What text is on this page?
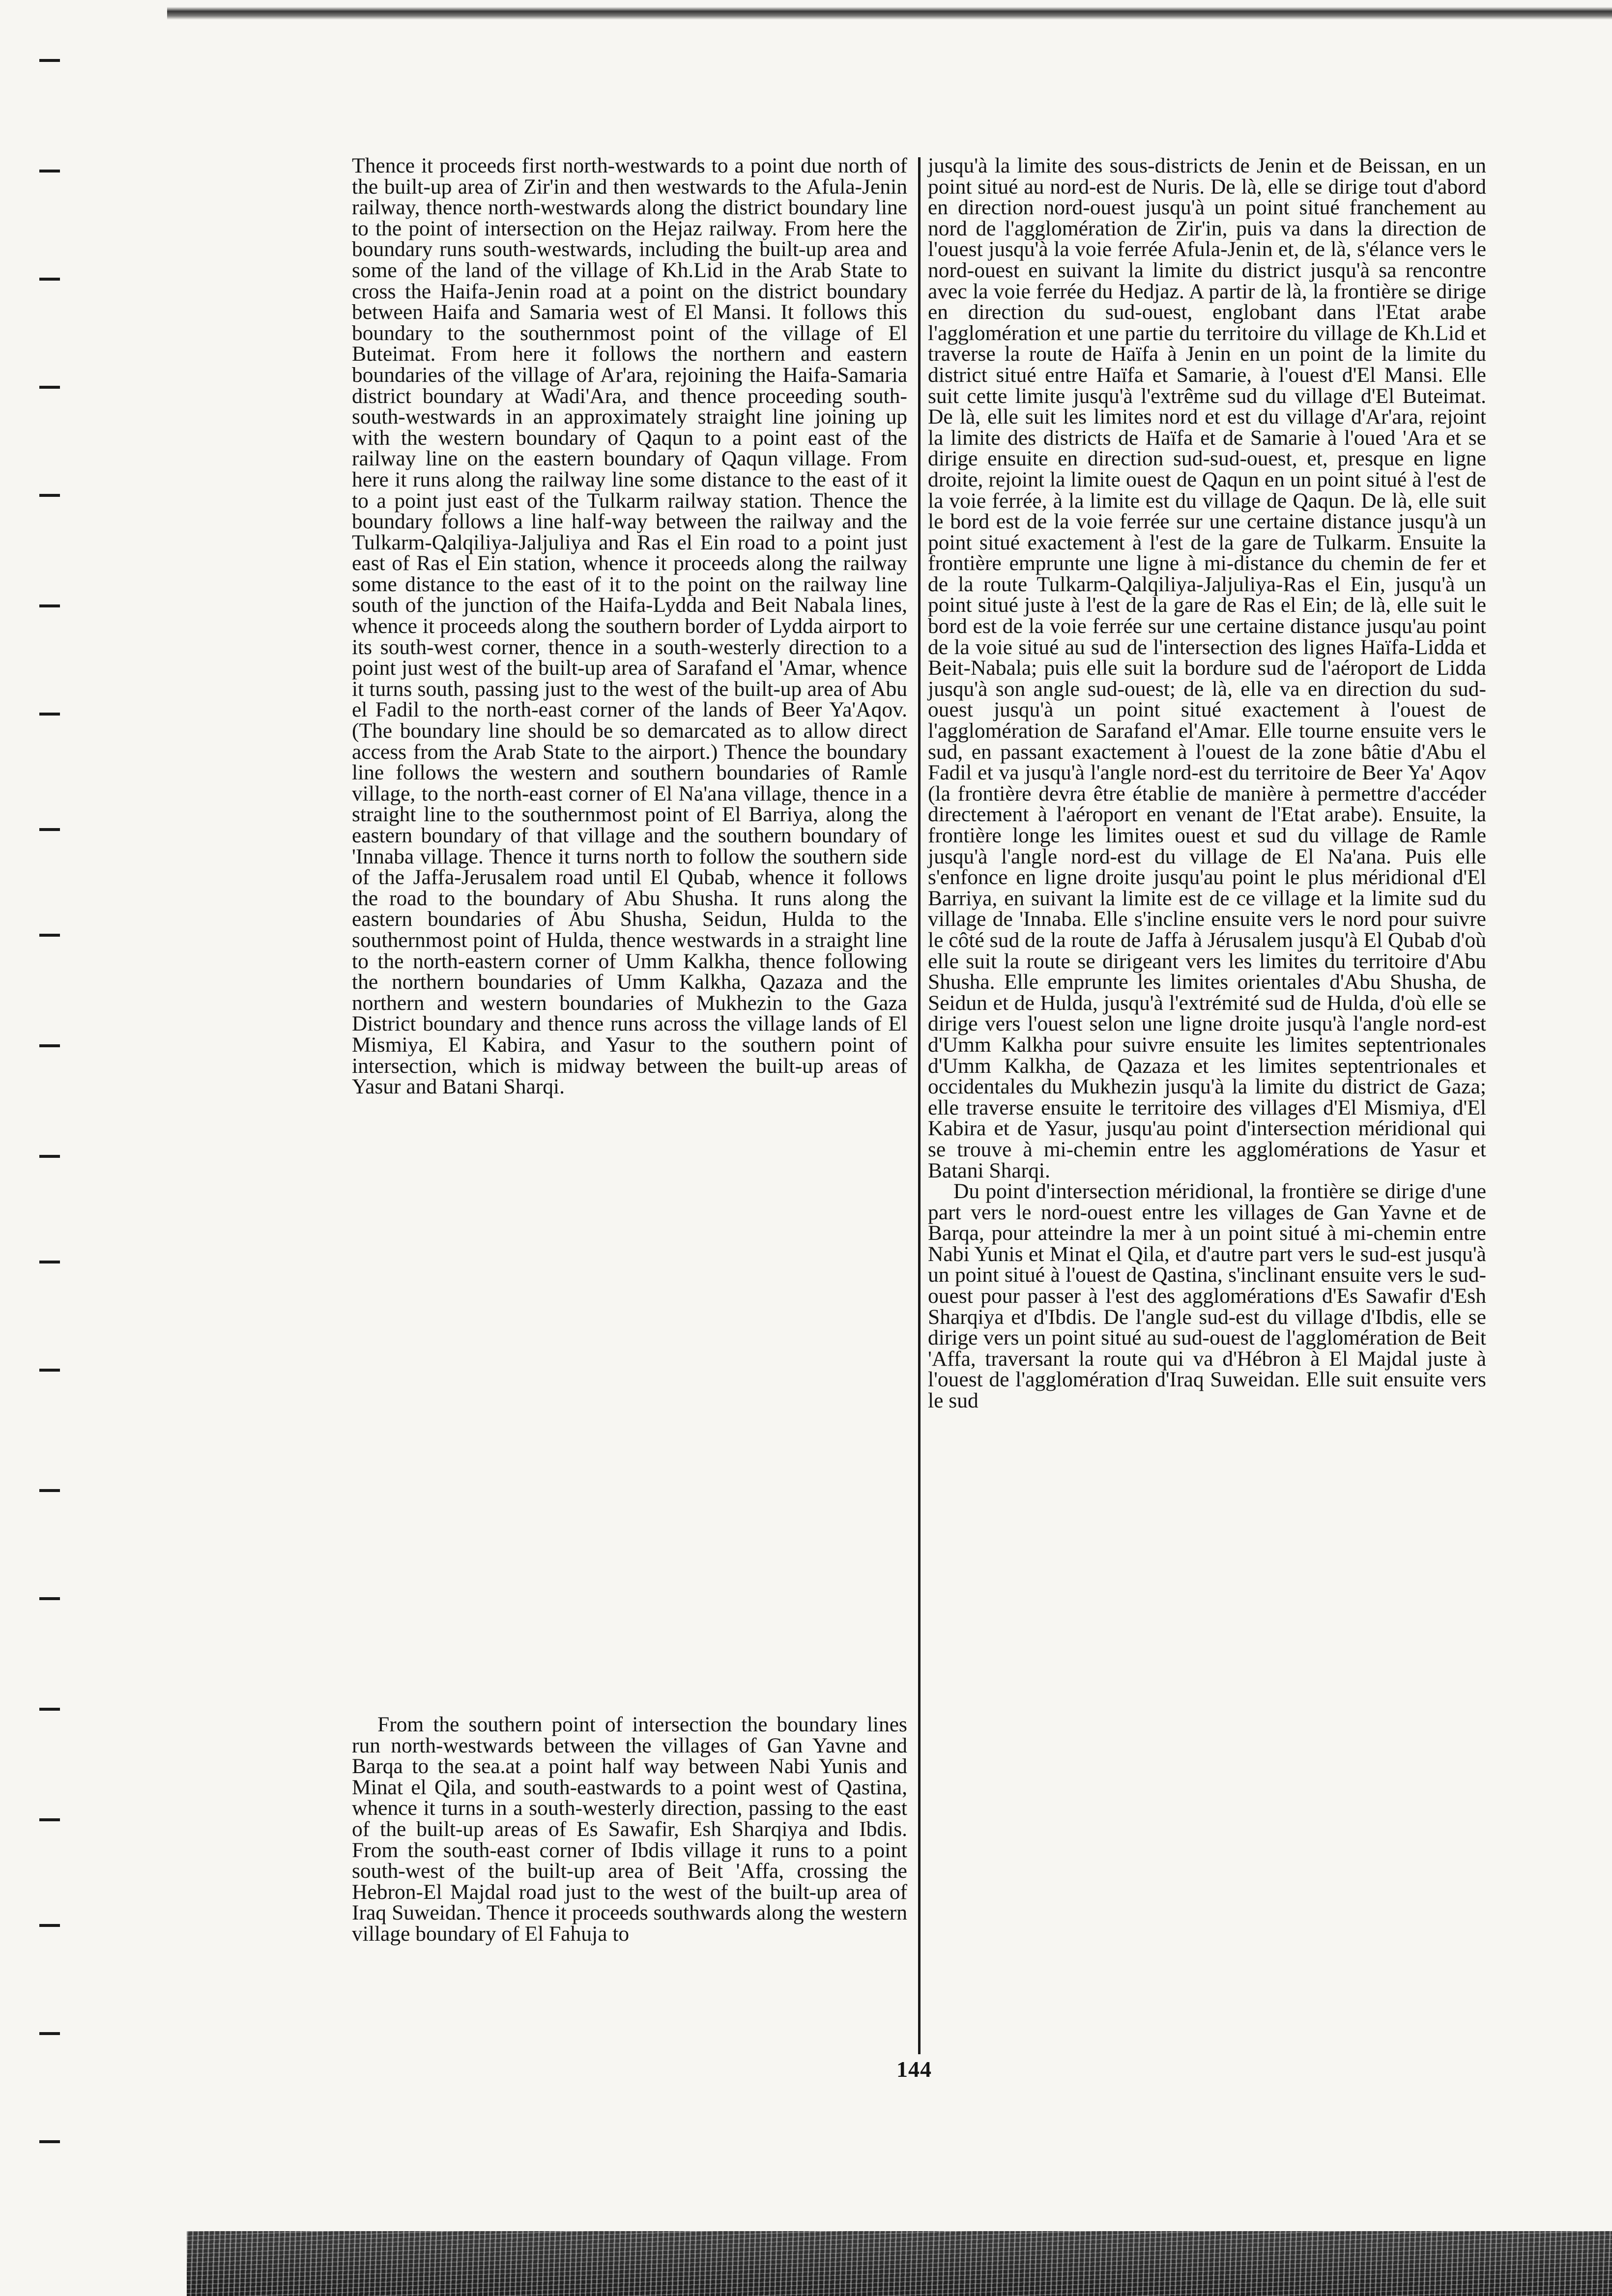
Thence it proceeds first north-westwards to a point due north of the built-up area of Zir'in and then westwards to the Afula-Jenin railway, thence north-westwards along the district boundary line to the point of intersection on the Hejaz railway. From here the boundary runs south-westwards, including the built-up area and some of the land of the village of Kh.Lid in the Arab State to cross the Haifa-Jenin road at a point on the district boundary between Haifa and Samaria west of El Mansi. It follows this boundary to the southernmost point of the village of El Buteimat. From here it follows the northern and eastern boundaries of the village of Ar'ara, rejoining the Haifa-Samaria district boundary at Wadi'Ara, and thence proceeding south-south-westwards in an approximately straight line joining up with the western boundary of Qaqun to a point east of the railway line on the eastern boundary of Qaqun village. From here it runs along the railway line some distance to the east of it to a point just east of the Tulkarm railway station. Thence the boundary follows a line half-way between the railway and the Tulkarm-Qalqiliya-Jaljuliya and Ras el Ein road to a point just east of Ras el Ein station, whence it proceeds along the railway some distance to the east of it to the point on the railway line south of the junction of the Haifa-Lydda and Beit Nabala lines, whence it proceeds along the southern border of Lydda airport to its south-west corner, thence in a south-westerly direction to a point just west of the built-up area of Sarafand el 'Amar, whence it turns south, passing just to the west of the built-up area of Abu el Fadil to the north-east corner of the lands of Beer Ya'Aqov. (The boundary line should be so demarcated as to allow direct access from the Arab State to the airport.) Thence the boundary line follows the western and southern boundaries of Ramle village, to the north-east corner of El Na'ana village, thence in a straight line to the southernmost point of El Barriya, along the eastern boundary of that village and the southern boundary of 'Innaba village. Thence it turns north to follow the southern side of the Jaffa-Jerusalem road until El Qubab, whence it follows the road to the boundary of Abu Shusha. It runs along the eastern boundaries of Abu Shusha, Seidun, Hulda to the southernmost point of Hulda, thence westwards in a straight line to the north-eastern corner of Umm Kalkha, thence following the northern boundaries of Umm Kalkha, Qazaza and the northern and western boundaries of Mukhezin to the Gaza District boundary and thence runs across the village lands of El Mismiya, El Kabira, and Yasur to the southern point of intersection, which is midway between the built-up areas of Yasur and Batani Sharqi.

From the southern point of intersection the boundary lines run north-westwards between the villages of Gan Yavne and Barqa to the sea.at a point half way between Nabi Yunis and Minat el Qila, and south-eastwards to a point west of Qastina, whence it turns in a south-westerly direction, passing to the east of the built-up areas of Es Sawafir, Esh Sharqiya and Ibdis. From the south-east corner of Ibdis village it runs to a point south-west of the built-up area of Beit 'Affa, crossing the Hebron-El Majdal road just to the west of the built-up area of Iraq Suweidan. Thence it proceeds southwards along the western village boundary of El Fahuja to

jusqu'à la limite des sous-districts de Jenin et de Beissan, en un point situé au nord-est de Nuris. De là, elle se dirige tout d'abord en direction nord-ouest jusqu'à un point situé franchement au nord de l'agglomération de Zir'in, puis va dans la direction de l'ouest jusqu'à la voie ferrée Afula-Jenin et, de là, s'élance vers le nord-ouest en suivant la limite du district jusqu'à sa rencontre avec la voie ferrée du Hedjaz. A partir de là, la frontière se dirige en direction du sud-ouest, englobant dans l'Etat arabe l'agglomération et une partie du territoire du village de Kh.Lid et traverse la route de Haïfa à Jenin en un point de la limite du district situé entre Haïfa et Samarie, à l'ouest d'El Mansi. Elle suit cette limite jusqu'à l'extrême sud du village d'El Buteimat. De là, elle suit les limites nord et est du village d'Ar'ara, rejoint la limite des districts de Haïfa et de Samarie à l'oued 'Ara et se dirige ensuite en direction sud-sud-ouest, et, presque en ligne droite, rejoint la limite ouest de Qaqun en un point situé à l'est de la voie ferrée, à la limite est du village de Qaqun. De là, elle suit le bord est de la voie ferrée sur une certaine distance jusqu'à un point situé exactement à l'est de la gare de Tulkarm. Ensuite la frontière emprunte une ligne à mi-distance du chemin de fer et de la route Tulkarm-Qalqiliya-Jaljuliya-Ras el Ein, jusqu'à un point situé juste à l'est de la gare de Ras el Ein; de là, elle suit le bord est de la voie ferrée sur une certaine distance jusqu'au point de la voie situé au sud de l'intersection des lignes Haïfa-Lidda et Beit-Nabala; puis elle suit la bordure sud de l'aéroport de Lidda jusqu'à son angle sud-ouest; de là, elle va en direction du sud-ouest jusqu'à un point situé exactement à l'ouest de l'agglomération de Sarafand el'Amar. Elle tourne ensuite vers le sud, en passant exactement à l'ouest de la zone bâtie d'Abu el Fadil et va jusqu'à l'angle nord-est du territoire de Beer Ya' Aqov (la frontière devra être établie de manière à permettre d'accéder directement à l'aéroport en venant de l'Etat arabe). Ensuite, la frontière longe les limites ouest et sud du village de Ramle jusqu'à l'angle nord-est du village de El Na'ana. Puis elle s'enfonce en ligne droite jusqu'au point le plus méridional d'El Barriya, en suivant la limite est de ce village et la limite sud du village de 'Innaba. Elle s'incline ensuite vers le nord pour suivre le côté sud de la route de Jaffa à Jérusalem jusqu'à El Qubab d'où elle suit la route se dirigeant vers les limites du territoire d'Abu Shusha. Elle emprunte les limites orientales d'Abu Shusha, de Seidun et de Hulda, jusqu'à l'extrémité sud de Hulda, d'où elle se dirige vers l'ouest selon une ligne droite jusqu'à l'angle nord-est d'Umm Kalkha pour suivre ensuite les limites septentrionales d'Umm Kalkha, de Qazaza et les limites septentrionales et occidentales du Mukhezin jusqu'à la limite du district de Gaza; elle traverse ensuite le territoire des villages d'El Mismiya, d'El Kabira et de Yasur, jusqu'au point d'intersection méridional qui se trouve à mi-chemin entre les agglomérations de Yasur et Batani Sharqi.

Du point d'intersection méridional, la frontière se dirige d'une part vers le nord-ouest entre les villages de Gan Yavne et de Barqa, pour atteindre la mer à un point situé à mi-chemin entre Nabi Yunis et Minat el Qila, et d'autre part vers le sud-est jusqu'à un point situé à l'ouest de Qastina, s'inclinant ensuite vers le sud-ouest pour passer à l'est des agglomérations d'Es Sawafir d'Esh Sharqiya et d'Ibdis. De l'angle sud-est du village d'Ibdis, elle se dirige vers un point situé au sud-ouest de l'agglomération de Beit 'Affa, traversant la route qui va d'Hébron à El Majdal juste à l'ouest de l'agglomération d'Iraq Suweidan. Elle suit ensuite vers le sud

144
